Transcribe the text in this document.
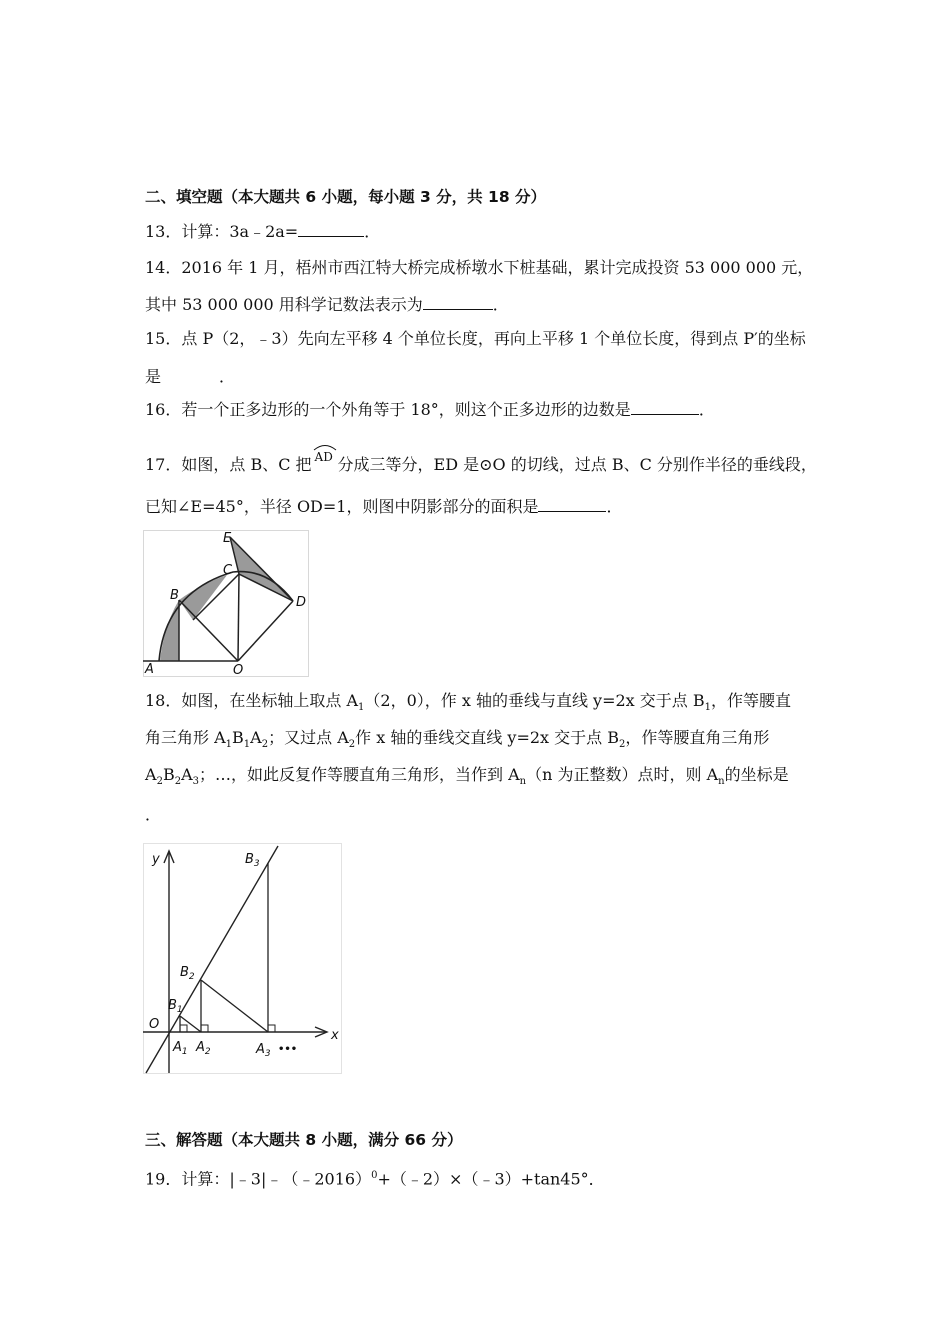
二、填空题（本大题共 6 小题，每小题 3 分，共 18 分）
13．计算：3a﹣2a=	．
14．2016 年 1 月，梧州市西江特大桥完成桥墩水下桩基础，累计完成投资 53 000 000 元，
其中 53 000 000 用科学记数法表示为	．
15．点 P（2，﹣3）先向左平移 4 个单位长度，再向上平移 1 个单位长度，得到点 P′的坐标
是	．
16．若一个正多边形的一个外角等于 18°，则这个正多边形的边数是	．
17．如图，点 B、C 把 AD 分成三等分，ED 是⊙O 的切线，过点 B、C 分别作半径的垂线段，
已知∠E=45°，半径 OD=1，则图中阴影部分的面积是	．
E
C
B	D
A	O
18．如图，在坐标轴上取点 $A_1(2$，0），作 x 轴的垂线与直线 y=2x 交于点 $B_1$，作等腰直
角三角形 $A_1B_1A_2$；又过点 $A_2$作 x 轴的垂线交直线 y=2x 交于点 $B_2$，作等腰直角三角形
$A_2B_2A_3$；…，如此反复作等腰直角三角形，当作到 $A_n(n$ 为正整数）点时，则 $A_n$的坐标是
．
y
x
O
$B_1$
$B_2$
$B_3$
$A_1$ $A_2$	$A_3$ •••
三、解答题（本大题共 8 小题，满分 66 分）
19．计算：|﹣3|﹣（﹣2016）$^0$+（﹣2）×（﹣3）+tan45°．
